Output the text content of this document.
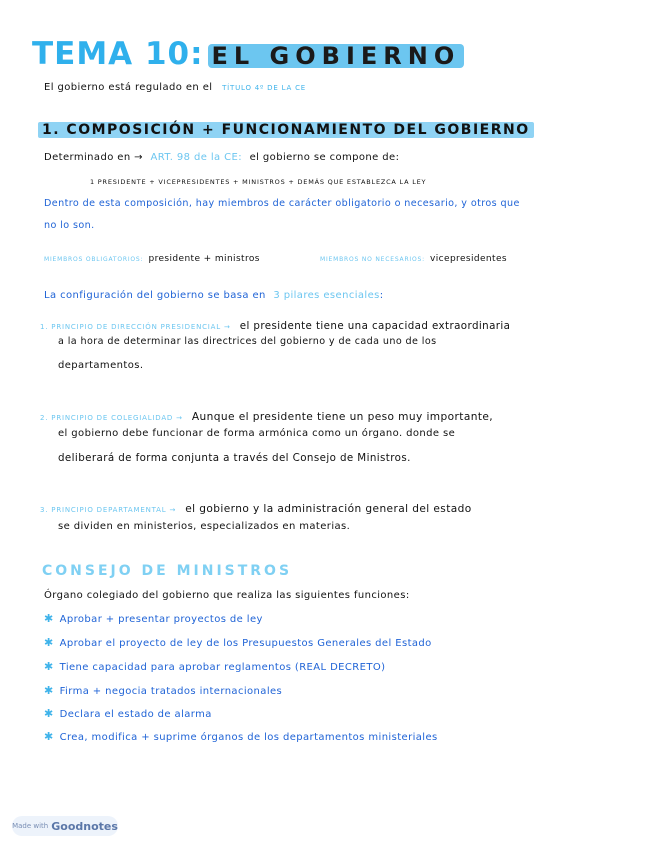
TEMA 10: EL GOBIERNO
El gobierno está regulado en el TÍTULO 4º DE LA CE
1. COMPOSICIÓN + FUNCIONAMIENTO DEL GOBIERNO
Determinado en → ART. 98 de la CE: el gobierno se compone de:
1 PRESIDENTE + VICEPRESIDENTES + MINISTROS + DEMÁS QUE ESTABLEZCA LA LEY
Dentro de esta composición, hay miembros de carácter obligatorio o necesario, y otros que
no lo son.
MIEMBROS OBLIGATORIOS: presidente + ministros	MIEMBROS NO NECESARIOS: vicepresidentes
La configuración del gobierno se basa en 3 pilares esenciales:
1. PRINCIPIO DE DIRECCIÓN PRESIDENCIAL → el presidente tiene una capacidad extraordinaria
a la hora de determinar las directrices del gobierno y de cada uno de los
departamentos.
2. PRINCIPIO DE COLEGIALIDAD → Aunque el presidente tiene un peso muy importante,
el gobierno debe funcionar de forma armónica como un órgano. donde se
deliberará de forma conjunta a través del Consejo de Ministros.
3. PRINCIPIO DEPARTAMENTAL → el gobierno y la administración general del estado
se dividen en ministerios, especializados en materias.
CONSEJO DE MINISTROS
Órgano colegiado del gobierno que realiza las siguientes funciones:
✱ Aprobar + presentar proyectos de ley
✱ Aprobar el proyecto de ley de los Presupuestos Generales del Estado
✱ Tiene capacidad para aprobar reglamentos (REAL DECRETO)
✱ Firma + negocia tratados internacionales
✱ Declara el estado de alarma
✱ Crea, modifica + suprime órganos de los departamentos ministeriales
Made with Goodnotes
